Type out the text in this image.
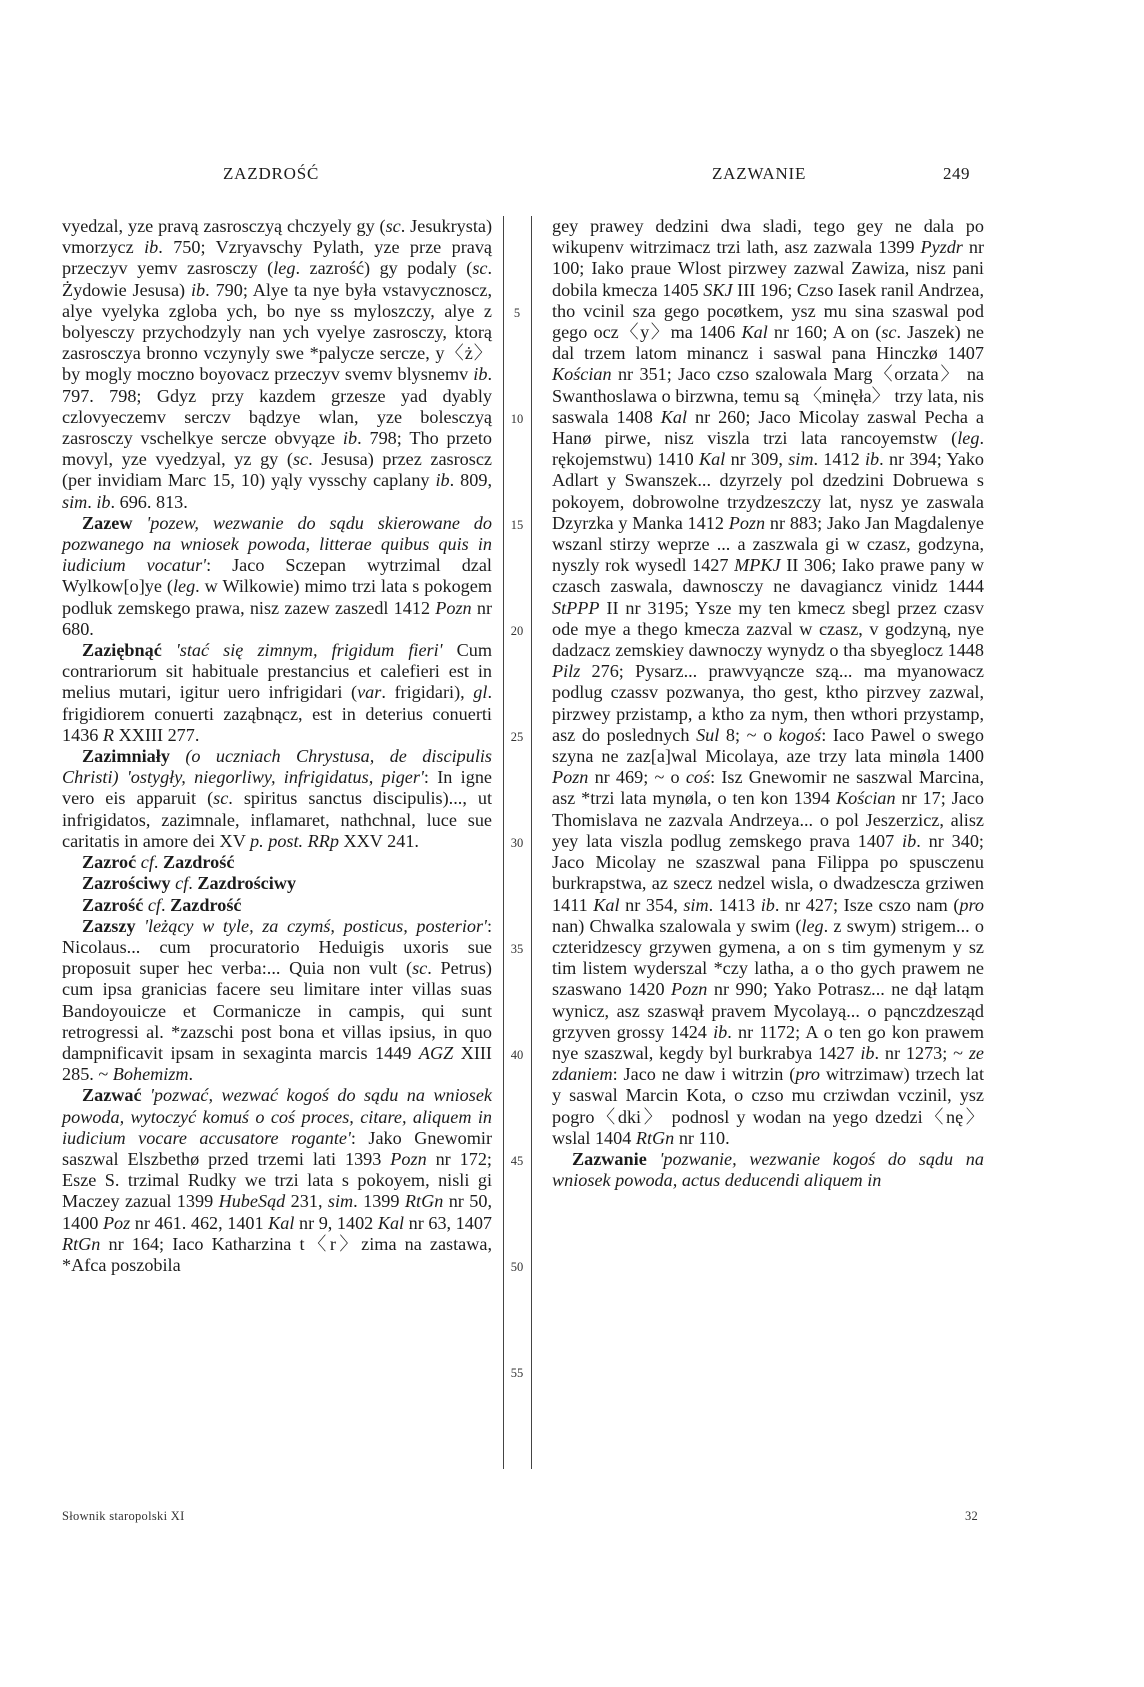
ZAZDROŚĆ	ZAZWANIE	249

vyedzal, yze pravą zasrosczyą chczyely gy (sc. Jesukrysta) vmorzycz ib. 750; Vzryavschy Pylath, yze prze pravą przeczyv yemv zasrosczy (leg. zazrość) gy podaly (sc. Żydowie Jesusa) ib. 790; Alye ta nye była vstavycznoscz, alye vyelyka zgloba ych, bo nye ss myloszczy, alye z bolyesczy przychodzyly nan ych vyelye zasrosczy, ktorą zasrosczya bronno vczynyly swe *palycze sercze, y〈ż〉by mogly moczno boyovacz przeczyv svemv blysnemv ib. 797. 798; Gdyz przy kazdem grzesze yad dyably czlovyeczemv serczv bądzye wlan, yze bolesczyą zasrosczy vschelkye sercze obvyąze ib. 798; Tho przeto movyl, yze vyedzyal, yz gy (sc. Jesusa) przez zasroscz (per invidiam Marc 15, 10) yąly vysschy caplany ib. 809, sim. ib. 696. 813.

Zazew 'pozew, wezwanie do sądu skierowane do pozwanego na wniosek powoda, litterae quibus quis in iudicium vocatur': Jaco Sczepan wytrzimal dzal Wylkow[o]ye (leg. w Wilkowie) mimo trzi lata s pokogem podluk zemskego prawa, nisz zazew zaszedl 1412 Pozn nr 680.

Zaziębnąć 'stać się zimnym, frigidum fieri' Cum contrariorum sit habituale prestancius et calefieri est in melius mutari, igitur uero infrigidari (var. frigidari), gl. frigidiorem conuerti zaząbnącz, est in deterius conuerti 1436 R XXIII 277.

Zazimniały (o uczniach Chrystusa, de discipulis Christi) 'ostygły, niegorliwy, infrigidatus, piger': In igne vero eis apparuit (sc. spiritus sanctus discipulis)..., ut infrigidatos, zazimnale, inflamaret, nathchnal, luce sue caritatis in amore dei XV p. post. RRp XXV 241.

Zazroć cf. Zazdrość

Zazrościwy cf. Zazdrościwy

Zazrość cf. Zazdrość

Zazszy 'leżący w tyle, za czymś, posticus, posterior': Nicolaus... cum procuratorio Heduigis uxoris sue proposuit super hec verba:... Quia non vult (sc. Petrus) cum ipsa granicias facere seu limitare inter villas suas Bandoyouicze et Cormanicze in campis, qui sunt retrogressi al. *zazschi post bona et villas ipsius, in quo dampnificavit ipsam in sexaginta marcis 1449 AGZ XIII 285. ~ Bohemizm.

Zazwać 'pozwać, wezwać kogoś do sądu na wniosek powoda, wytoczyć komuś o coś proces, citare, aliquem in iudicium vocare accusatore rogante': Jako Gnewomir saszwal Elszbethø przed trzemi lati 1393 Pozn nr 172; Esze S. trzimal Rudky we trzi lata s pokoyem, nisli gi Maczey zazual 1399 HubeSąd 231, sim. 1399 RtGn nr 50, 1400 Poz nr 461. 462, 1401 Kal nr 9, 1402 Kal nr 63, 1407 RtGn nr 164; Iaco Katharzina t〈r〉zima na zastawa, *Afca poszobila

5
10
15
20
25
30
35
40
45
50
55

gey prawey dedzini dwa sladi, tego gey ne dala po wikupenv witrzimacz trzi lath, asz zazwala 1399 Pyzdr nr 100; Iako praue Wlost pirzwey zazwal Zawiza, nisz pani dobila kmecza 1405 SKJ III 196; Czso Iasek ranil Andrzea, tho vcinil sza gego pocøtkem, ysz mu sina szaswal pod gego ocz〈y〉ma 1406 Kal nr 160; A on (sc. Jaszek) ne dal trzem latom minancz i saswal pana Hinczkø 1407 Kościan nr 351; Jaco czso szalowala Marg〈orzata〉 na Swanthoslawa o birzwna, temu są 〈minęła〉 trzy lata, nis saswala 1408 Kal nr 260; Jaco Micolay zaswal Pecha a Hanø pirwe, nisz viszla trzi lata rancoyemstw (leg. rękojemstwu) 1410 Kal nr 309, sim. 1412 ib. nr 394; Yako Adlart y Swanszek... dzyrzely pol dzedzini Dobruewa s pokoyem, dobrowolne trzydzeszczy lat, nysz ye zaswala Dzyrzka y Manka 1412 Pozn nr 883; Jako Jan Magdalenye wszanl stirzy weprze ... a zaszwala gi w czasz, godzyna, nyszly rok wysedl 1427 MPKJ II 306; Iako prawe pany w czasch zaswala, dawnosczy ne davagiancz vinidz 1444 StPPP II nr 3195; Ysze my ten kmecz sbegl przez czasv ode mye a thego kmecza zazval w czasz, v godzyną, nye dadzacz zemskiey dawnoczy wynydz o tha sbyeglocz 1448 Pilz 276; Pysarz... prawvyąncze szą... ma myanowacz podlug czassv pozwanya, tho gest, ktho pirzvey zazwal, pirzwey przistamp, a ktho za nym, then wthori przystamp, asz do poslednych Sul 8; ~ o kogoś: Iaco Pawel o swego szyna ne zaz[a]wal Micolaya, aze trzy lata minøla 1400 Pozn nr 469; ~ o coś: Isz Gnewomir ne saszwal Marcina, asz *trzi lata mynøla, o ten kon 1394 Kościan nr 17; Jaco Thomislava ne zazvala Andrzeya... o pol Jeszerzicz, alisz yey lata viszla podlug zemskego prava 1407 ib. nr 340; Jaco Micolay ne szaszwal pana Filippa po spusczenu burkrapstwa, az szecz nedzel wisla, o dwadzescza grziwen 1411 Kal nr 354, sim. 1413 ib. nr 427; Isze cszo nam (pro nan) Chwalka szalowala y swim (leg. z swym) strigem... o czteridzescy grzywen gymena, a on s tim gymenym y sz tim listem wyderszal *czy latha, a o tho gych prawem ne szaswano 1420 Pozn nr 990; Yako Potrasz... ne dął latąm wynicz, asz szaswął pravem Mycolayą... o pąnczdzesząd grzyven grossy 1424 ib. nr 1172; A o ten go kon prawem nye szaszwal, kegdy byl burkrabya 1427 ib. nr 1273; ~ ze zdaniem: Jaco ne daw i witrzin (pro witrzimaw) trzech lat y saswal Marcin Kota, o czso mu crziwdan vczinil, ysz pogro〈dki〉 podnosl y wodan na yego dzedzi〈nę〉 wslal 1404 RtGn nr 110.

Zazwanie 'pozwanie, wezwanie kogoś do sądu na wniosek powoda, actus deducendi aliquem in

Słownik staropolski XI	32
